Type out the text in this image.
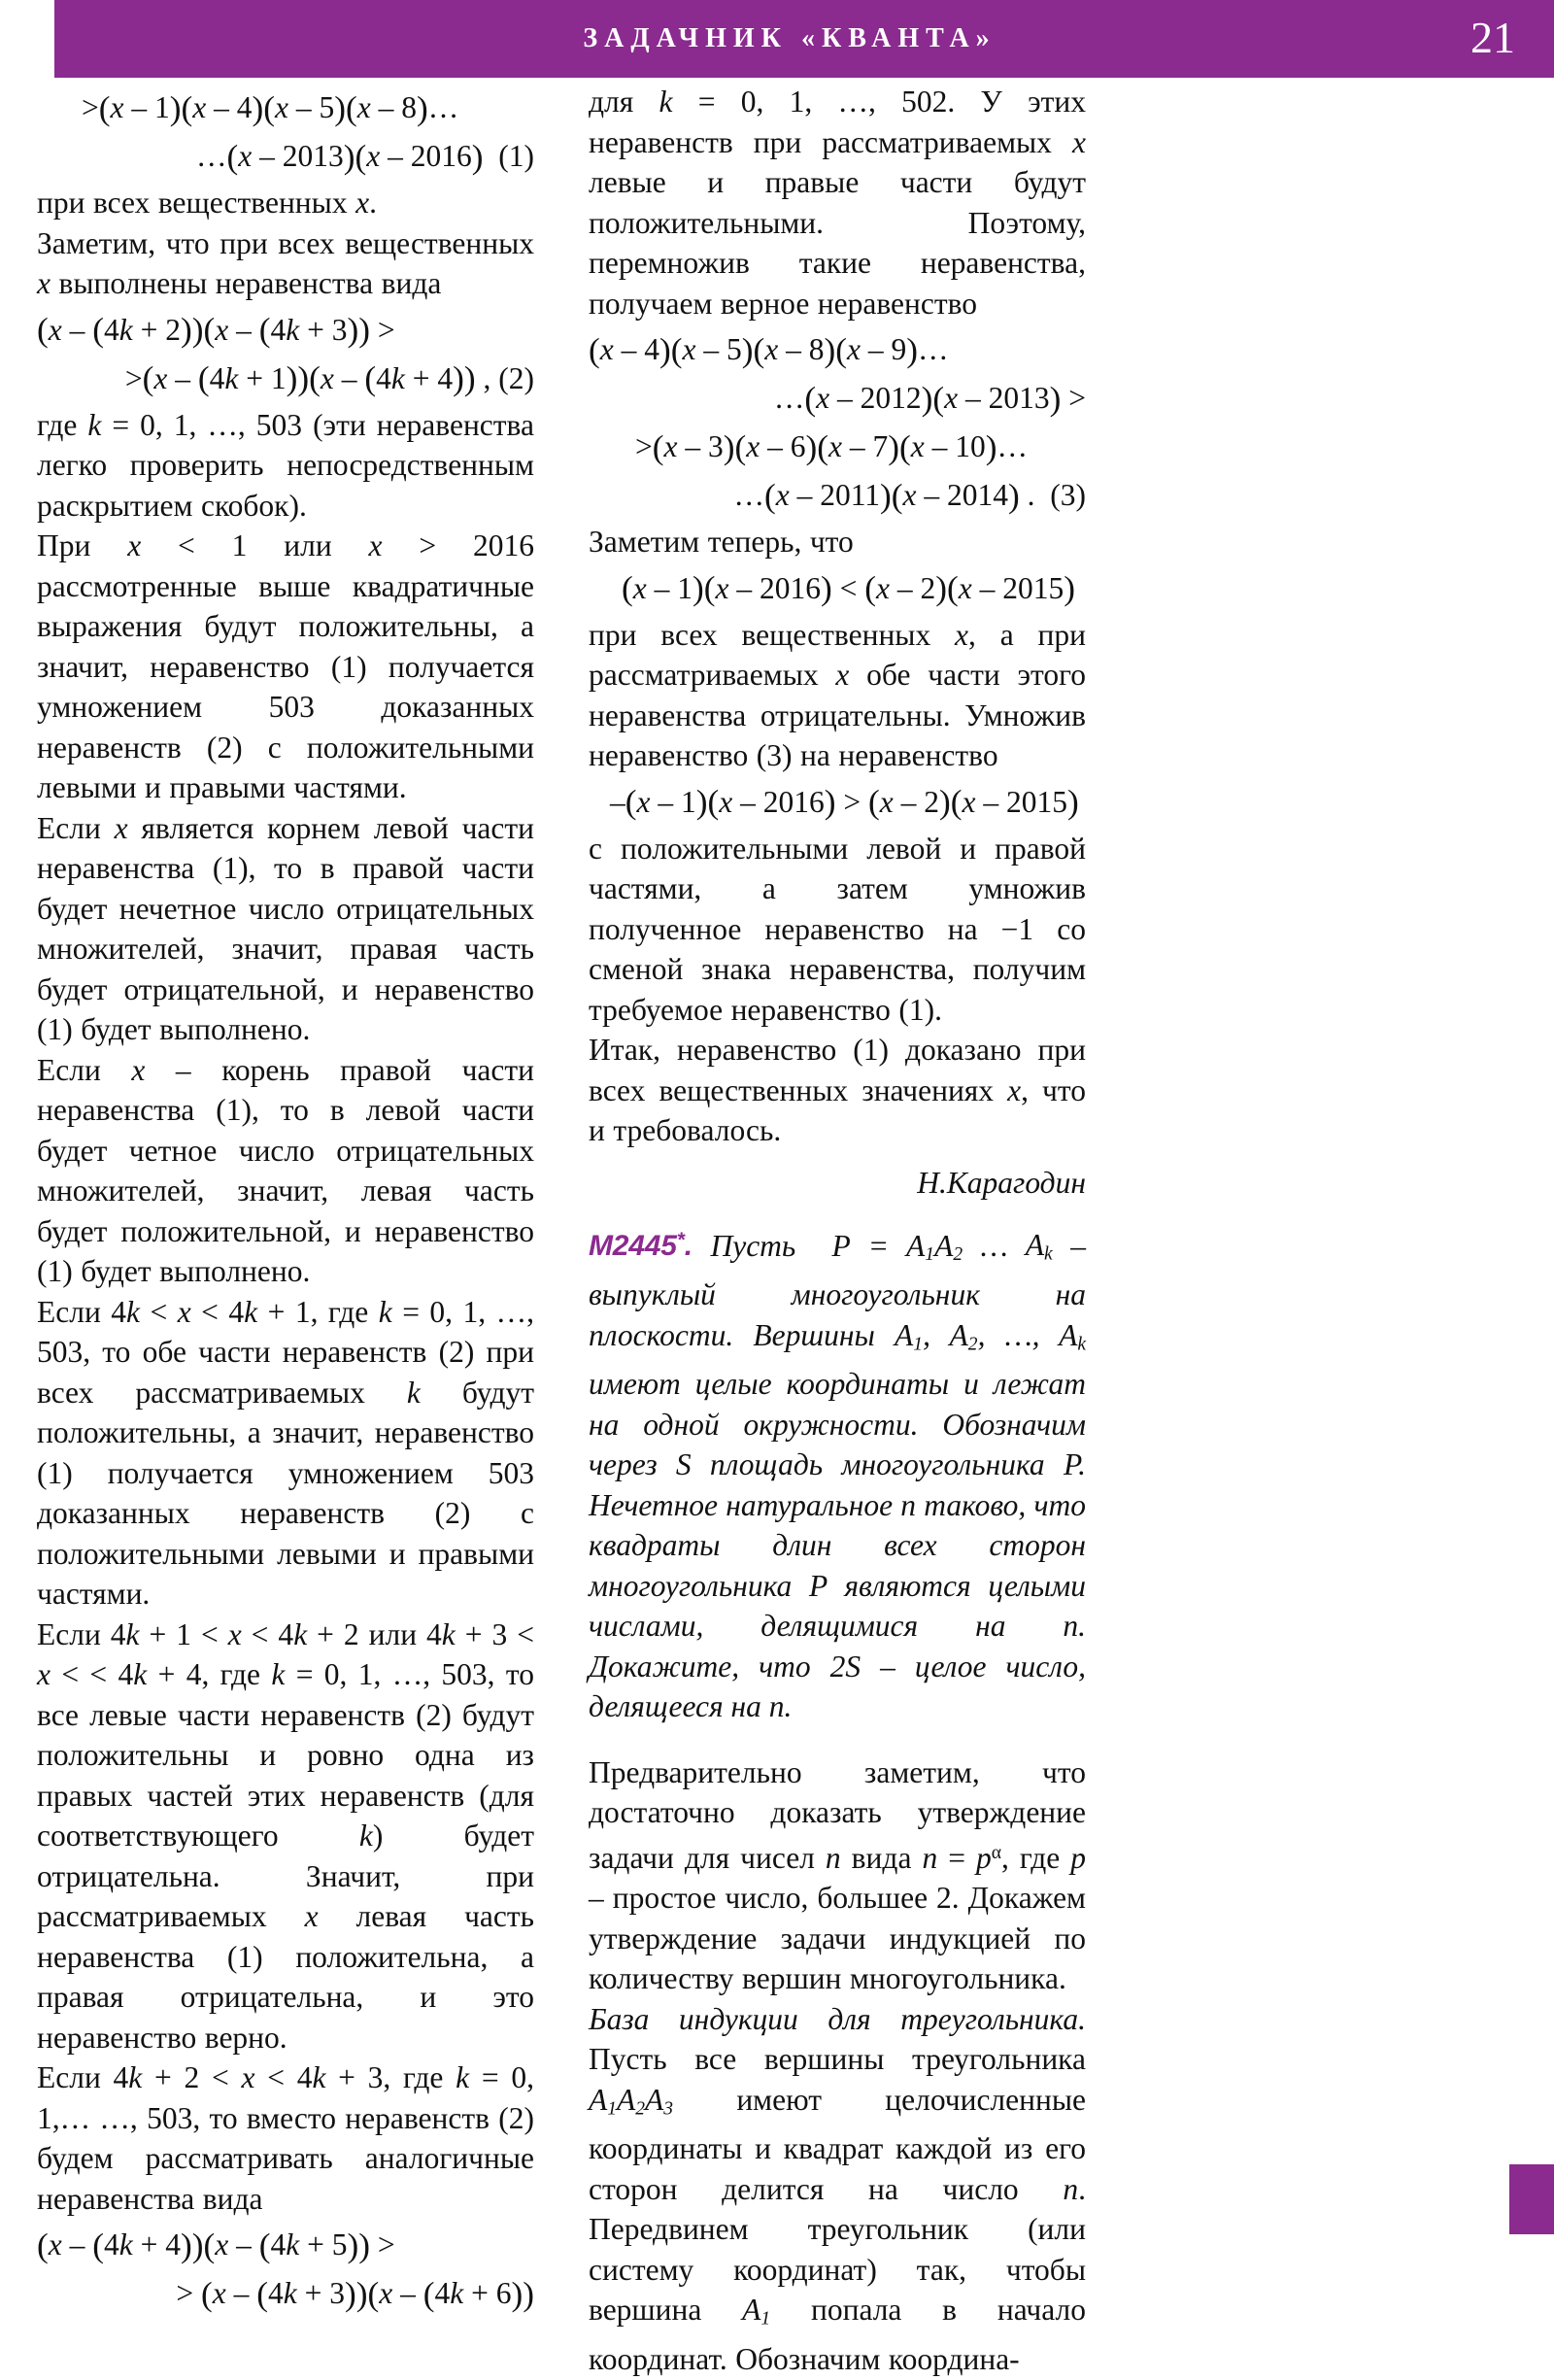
ЗАДАЧНИК «КВАНТА»	21
>(x – 1)(x – 4)(x – 5)(x – 8)…
…(x – 2013)(x – 2016)  (1)

при всех вещественных x.

Заметим, что при всех вещественных x выполнены неравенства вида

(x – (4k + 2))(x – (4k + 3)) >
>(x – (4k + 1))(x – (4k + 4)) , (2)

где k = 0, 1, …, 503 (эти неравенства легко проверить непосредственным раскрытием скобок).

При x < 1 или x > 2016 рассмотренные выше квадратичные выражения будут положительны, а значит, неравенство (1) получается умножением 503 доказанных неравенств (2) с положительными левыми и правыми частями.

Если x является корнем левой части неравенства (1), то в правой части будет нечетное число отрицательных множителей, значит, правая часть будет отрицательной, и неравенство (1) будет выполнено.

Если x – корень правой части неравенства (1), то в левой части будет четное число отрицательных множителей, значит, левая часть будет положительной, и неравенство (1) будет выполнено.

Если 4k < x < 4k + 1, где k = 0, 1, …, 503, то обе части неравенств (2) при всех рассматриваемых k будут положительны, а значит, неравенство (1) получается умножением 503 доказанных неравенств (2) с положительными левыми и правыми частями.

Если 4k + 1 < x < 4k + 2 или 4k + 3 < x < < 4k + 4, где k = 0, 1, …, 503, то все левые части неравенств (2) будут положительны и ровно одна из правых частей этих неравенств (для соответствующего k) будет отрицательна. Значит, при рассматриваемых x левая часть неравенства (1) положительна, а правая отрицательна, и это неравенство верно.

Если 4k + 2 < x < 4k + 3, где k = 0, 1,… …, 503, то вместо неравенств (2) будем рассматривать аналогичные неравенства вида

(x – (4k + 4))(x – (4k + 5)) >
> (x – (4k + 3))(x – (4k + 6))

для k = 0, 1, …, 502. У этих неравенств при рассматриваемых x левые и правые части будут положительными. Поэтому, перемножив такие неравенства, получаем верное неравенство

(x – 4)(x – 5)(x – 8)(x – 9)…
…(x – 2012)(x – 2013) >
>(x – 3)(x – 6)(x – 7)(x – 10)…
…(x – 2011)(x – 2014) .  (3)

Заметим теперь, что

(x – 1)(x – 2016) < (x – 2)(x – 2015)

при всех вещественных x, а при рассматриваемых x обе части этого неравенства отрицательны. Умножив неравенство (3) на неравенство

–(x – 1)(x – 2016) > (x – 2)(x – 2015)

с положительными левой и правой частями, а затем умножив полученное неравенство на −1 со сменой знака неравенства, получим требуемое неравенство (1).

Итак, неравенство (1) доказано при всех вещественных значениях x, что и требовалось.

Н.Карагодин

M2445*. Пусть  $P = A_1A_2$ … $A_k$ – выпуклый многоугольник на плоскости. Вершины $A_1$, $A_2$, …, $A_k$ имеют целые координаты и лежат на одной окружности. Обозначим через S площадь многоугольника P. Нечетное натуральное n таково, что квадраты длин всех сторон многоугольника P являются целыми числами, делящимися на n. Докажите, что 2S – целое число, делящееся на n.

Предварительно заметим, что достаточно доказать утверждение задачи для чисел n вида $n = p^\alpha$, где p – простое число, большее 2. Докажем утверждение задачи индукцией по количеству вершин многоугольника.

База индукции для треугольника. Пусть все вершины треугольника $A_1A_2A_3$ имеют целочисленные координаты и квадрат каждой из его сторон делится на число n. Передвинем треугольник (или систему координат) так, чтобы вершина $A_1$ попала в начало координат. Обозначим координа-
